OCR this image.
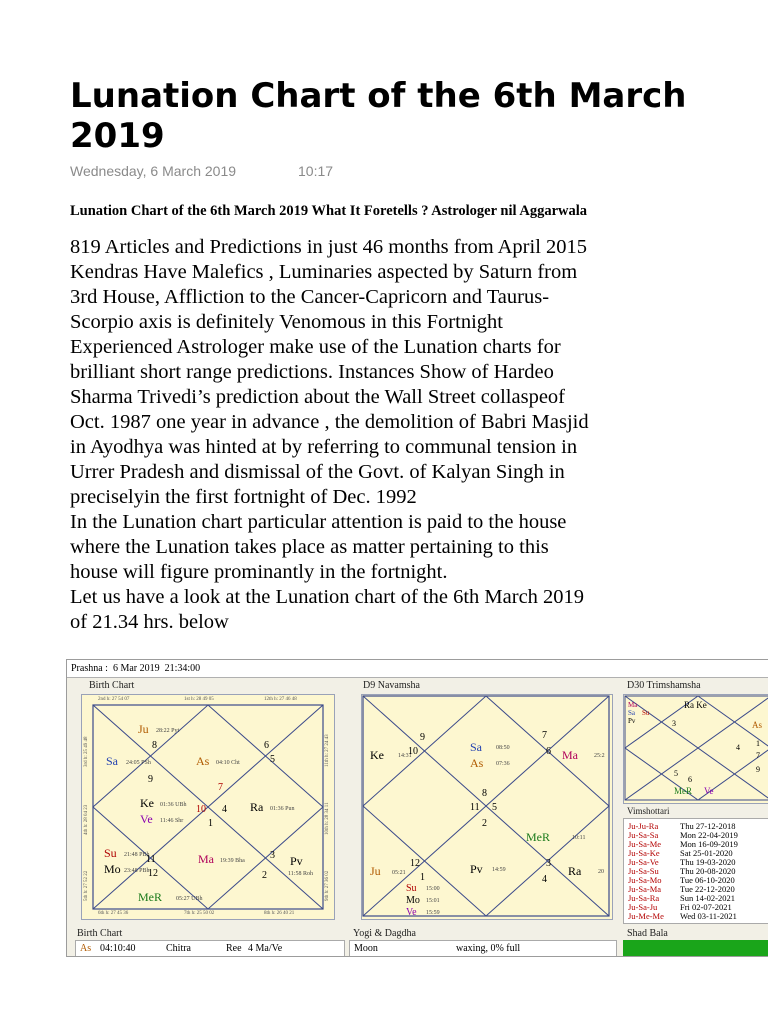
Lunation Chart of the 6th March
2019
Wednesday, 6 March 2019	10:17

Lunation Chart of the 6th March 2019 What It Foretells ? Astrologer nil Aggarwala

819 Articles and Predictions in just 46 months from April 2015

Kendras Have Malefics , Luminaries aspected by Saturn from

3rd House, Affliction to the Cancer-Capricorn and Taurus-

Scorpio axis is definitely Venomous in this Fortnight

Experienced Astrologer make use of the Lunation charts for

brilliant short range predictions. Instances Show of Hardeo

Sharma Trivedi’s prediction about the Wall Street collaspeof

Oct. 1987 one year in advance , the demolition of Babri Masjid

in Ayodhya was hinted at by referring to communal tension in

Urrer Pradesh and dismissal of the Govt. of Kalyan Singh in

preciselyin the first fortnight of Dec. 1992

In the Lunation chart particular attention is paid to the house

where the Lunation takes place as matter pertaining to this

house will figure prominantly in the fortnight.

Let us have a look at the Lunation chart of the 6th March 2019

of 21.34 hrs. below

Prashna :  6 Mar 2019  21:34:00
Birth Chart
2nd h: 27 54 07	1st h: 28 49 05	12th h: 27 46 48
6th h: 27 45 36	7th h: 25 50 02	8th h: 26 40 21
3rd h: 25 49 48
4th h: 28 04 23
5th h: 27 52 22
11th h: 27 24 43
10th h: 28 34 11
9th h: 27 36 02
Ju 28:22 Pyt
Sa 24:05 PSh	As 04:10 Cht
Ke 01:36 UBh
Ve 11:46 Shr
Ra 01:36 Pun
Su 21:48 PBh
Mo 23:48 PBh
Ma 19:39 Bha	Pv
11:58 Roh
MeR 05:27 UBh
7
8
9
6
5
10 4
1
3
2
11
12
D9 Navamsha
Ke 14:31
Sa 08:50
As 07:36
Ma	25:2
MeR	10:11
Ju 05:21
Su 15:00
Mo 15:01
Ve 15:59
Pv 14:59	Ra	20
9
10
7
6
8
11 5
2
12
1
3
4
D30 Trimshamsha
Ra Ke
Ma
Sa Su
Pv	As
MeR Ve
3
4 1
5
6
7
9
Vimshottari
Ju-Ju-Ra	Thu 27-12-2018
Ju-Sa-Sa	Mon 22-04-2019
Ju-Sa-Me Mon 16-09-2019
Ju-Sa-Ke Sat 25-01-2020
Ju-Sa-Ve	Thu 19-03-2020
Ju-Sa-Su	Thu 20-08-2020
Ju-Sa-Mo Tue 06-10-2020
Ju-Sa-Ma Tue 22-12-2020
Ju-Sa-Ra Sun 14-02-2021
Ju-Sa-Ju	Fri 02-07-2021
Ju-Me-Me Wed 03-11-2021
Birth Chart
As 04:10:40	Chitra	Ree 4 Ma/Ve
Yogi & Dagdha
Moon	waxing, 0% full
Shad Bala
